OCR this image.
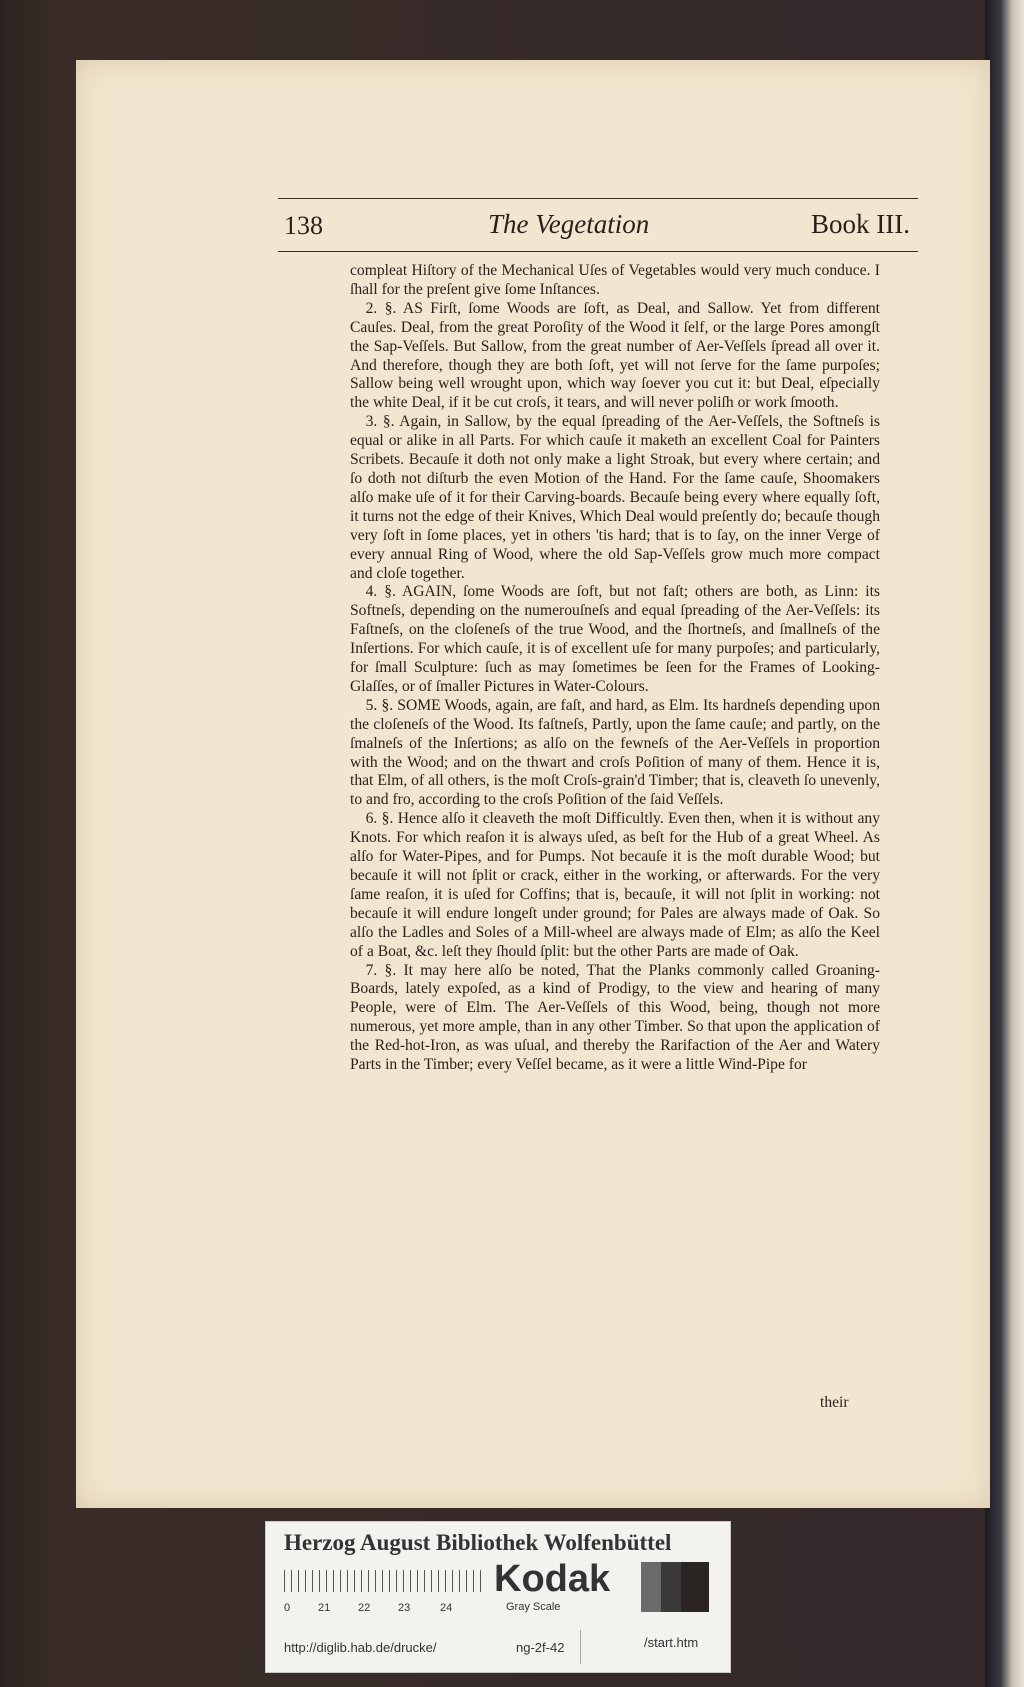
138	The Vegetation	Book III.

compleat Hiſtory of the Mechanical Uſes of Vegetables would very much conduce. I ſhall for the preſent give ſome Inſtances.

2. §. AS Firſt, ſome Woods are ſoft, as Deal, and Sallow. Yet from different Cauſes. Deal, from the great Poroſity of the Wood it ſelf, or the large Pores amongſt the Sap-Veſſels. But Sallow, from the great number of Aer-Veſſels ſpread all over it. And therefore, though they are both ſoft, yet will not ſerve for the ſame purpoſes; Sallow being well wrought upon, which way ſoever you cut it: but Deal, eſpecially the white Deal, if it be cut croſs, it tears, and will never poliſh or work ſmooth.

3. §. Again, in Sallow, by the equal ſpreading of the Aer-Veſſels, the Softneſs is equal or alike in all Parts. For which cauſe it maketh an excellent Coal for Painters Scribets. Becauſe it doth not only make a light Stroak, but every where certain; and ſo doth not diſturb the even Motion of the Hand. For the ſame cauſe, Shoomakers alſo make uſe of it for their Carving-boards. Becauſe being every where equally ſoft, it turns not the edge of their Knives, Which Deal would preſently do; becauſe though very ſoft in ſome places, yet in others 'tis hard; that is to ſay, on the inner Verge of every annual Ring of Wood, where the old Sap-Veſſels grow much more compact and cloſe together.

4. §. AGAIN, ſome Woods are ſoft, but not faſt; others are both, as Linn: its Softneſs, depending on the numerouſneſs and equal ſpreading of the Aer-Veſſels: its Faſtneſs, on the cloſeneſs of the true Wood, and the ſhortneſs, and ſmallneſs of the Inſertions. For which cauſe, it is of excellent uſe for many purpoſes; and particularly, for ſmall Sculpture: ſuch as may ſometimes be ſeen for the Frames of Looking-Glaſſes, or of ſmaller Pictures in Water-Colours.

5. §. SOME Woods, again, are faſt, and hard, as Elm. Its hardneſs depending upon the cloſeneſs of the Wood. Its faſtneſs, Partly, upon the ſame cauſe; and partly, on the ſmalneſs of the Inſertions; as alſo on the fewneſs of the Aer-Veſſels in proportion with the Wood; and on the thwart and croſs Poſition of many of them. Hence it is, that Elm, of all others, is the moſt Croſs-grain'd Timber; that is, cleaveth ſo unevenly, to and fro, according to the croſs Poſition of the ſaid Veſſels.

6. §. Hence alſo it cleaveth the moſt Difficultly. Even then, when it is without any Knots. For which reaſon it is always uſed, as beſt for the Hub of a great Wheel. As alſo for Water-Pipes, and for Pumps. Not becauſe it is the moſt durable Wood; but becauſe it will not ſplit or crack, either in the working, or afterwards. For the very ſame reaſon, it is uſed for Coffins; that is, becauſe, it will not ſplit in working: not becauſe it will endure longeſt under ground; for Pales are always made of Oak. So alſo the Ladles and Soles of a Mill-wheel are always made of Elm; as alſo the Keel of a Boat, &c. leſt they ſhould ſplit: but the other Parts are made of Oak.

7. §. It may here alſo be noted, That the Planks commonly called Groaning-Boards, lately expoſed, as a kind of Prodigy, to the view and hearing of many People, were of Elm. The Aer-Veſſels of this Wood, being, though not more numerous, yet more ample, than in any other Timber. So that upon the application of the Red-hot-Iron, as was uſual, and thereby the Rarifaction of the Aer and Watery Parts in the Timber; every Veſſel became, as it were a little Wind-Pipe for

their
Herzog August Bibliothek Wolfenbüttel
0	21	22	23	24
Kodak
Gray Scale
http://diglib.hab.de/drucke/	ng-2f-42	/start.htm
